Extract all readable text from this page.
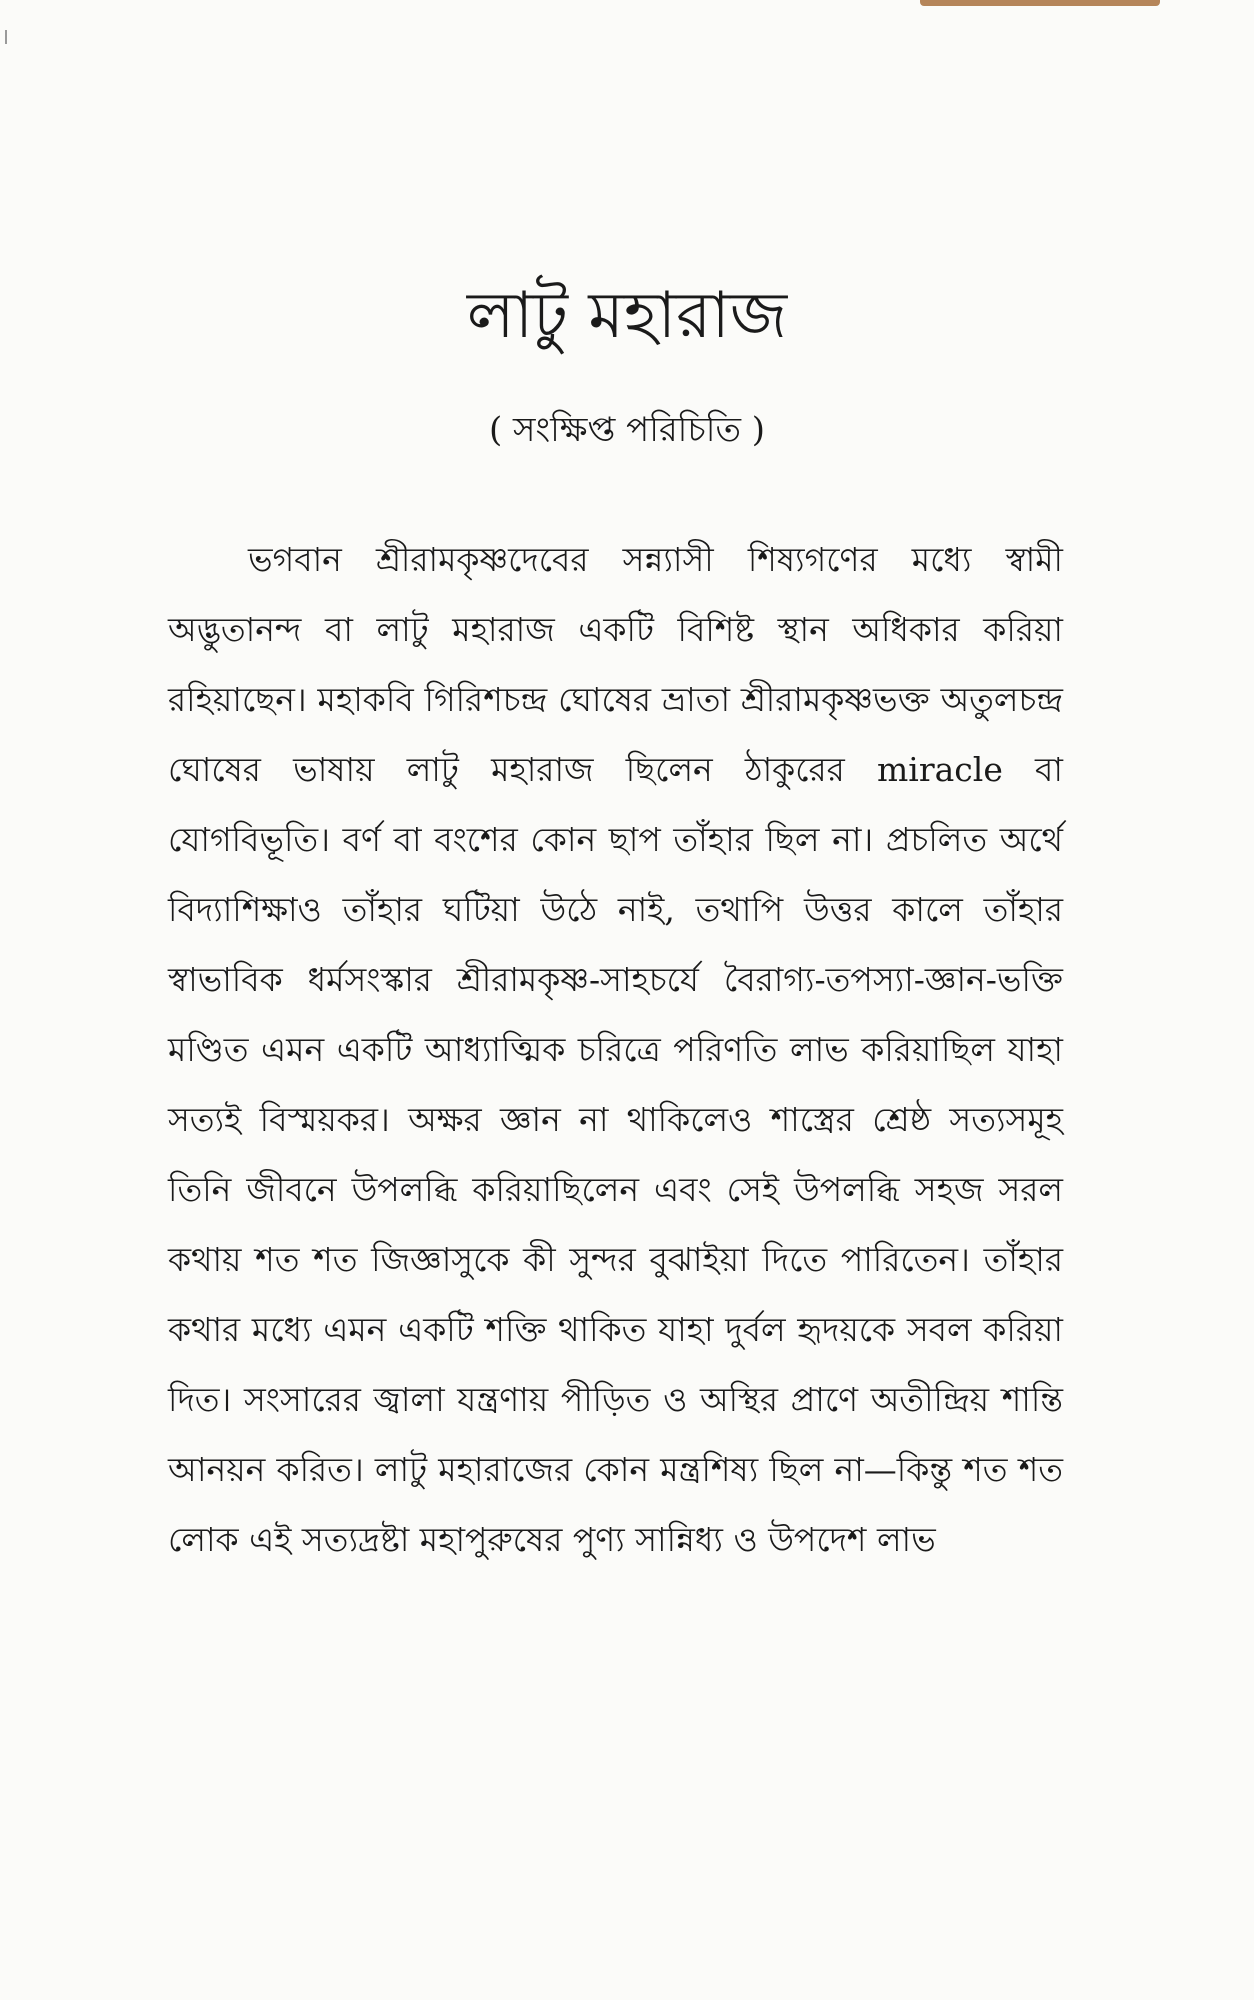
লাটু মহারাজ
( সংক্ষিপ্ত পরিচিতি )

ভগবান শ্রীরামকৃষ্ণদেবের সন্ন্যাসী শিষ্যগণের মধ্যে স্বামী অদ্ভুতানন্দ বা লাটু মহারাজ একটি বিশিষ্ট স্থান অধিকার করিয়া রহিয়াছেন। মহাকবি গিরিশচন্দ্র ঘোষের ভ্রাতা শ্রীরামকৃষ্ণভক্ত অতুলচন্দ্র ঘোষের ভাষায় লাটু মহারাজ ছিলেন ঠাকুরের miracle বা যোগবিভূতি। বর্ণ বা বংশের কোন ছাপ তাঁহার ছিল না। প্রচলিত অর্থে বিদ্যাশিক্ষাও তাঁহার ঘটিয়া উঠে নাই, তথাপি উত্তর কালে তাঁহার স্বাভাবিক ধর্মসংস্কার শ্রীরামকৃষ্ণ-সাহচর্যে বৈরাগ্য-তপস্যা-জ্ঞান-ভক্তি মণ্ডিত এমন একটি আধ্যাত্মিক চরিত্রে পরিণতি লাভ করিয়াছিল যাহা সত্যই বিস্ময়কর। অক্ষর জ্ঞান না থাকিলেও শাস্ত্রের শ্রেষ্ঠ সত্যসমূহ তিনি জীবনে উপলব্ধি করিয়াছিলেন এবং সেই উপলব্ধি সহজ সরল কথায় শত শত জিজ্ঞাসুকে কী সুন্দর বুঝাইয়া দিতে পারিতেন। তাঁহার কথার মধ্যে এমন একটি শক্তি থাকিত যাহা দুর্বল হৃদয়কে সবল করিয়া দিত। সংসারের জ্বালা যন্ত্রণায় পীড়িত ও অস্থির প্রাণে অতীন্দ্রিয় শান্তি আনয়ন করিত। লাটু মহারাজের কোন মন্ত্রশিষ্য ছিল না—কিন্তু শত শত লোক এই সত্যদ্রষ্টা মহাপুরুষের পুণ্য সান্নিধ্য ও উপদেশ লাভ
